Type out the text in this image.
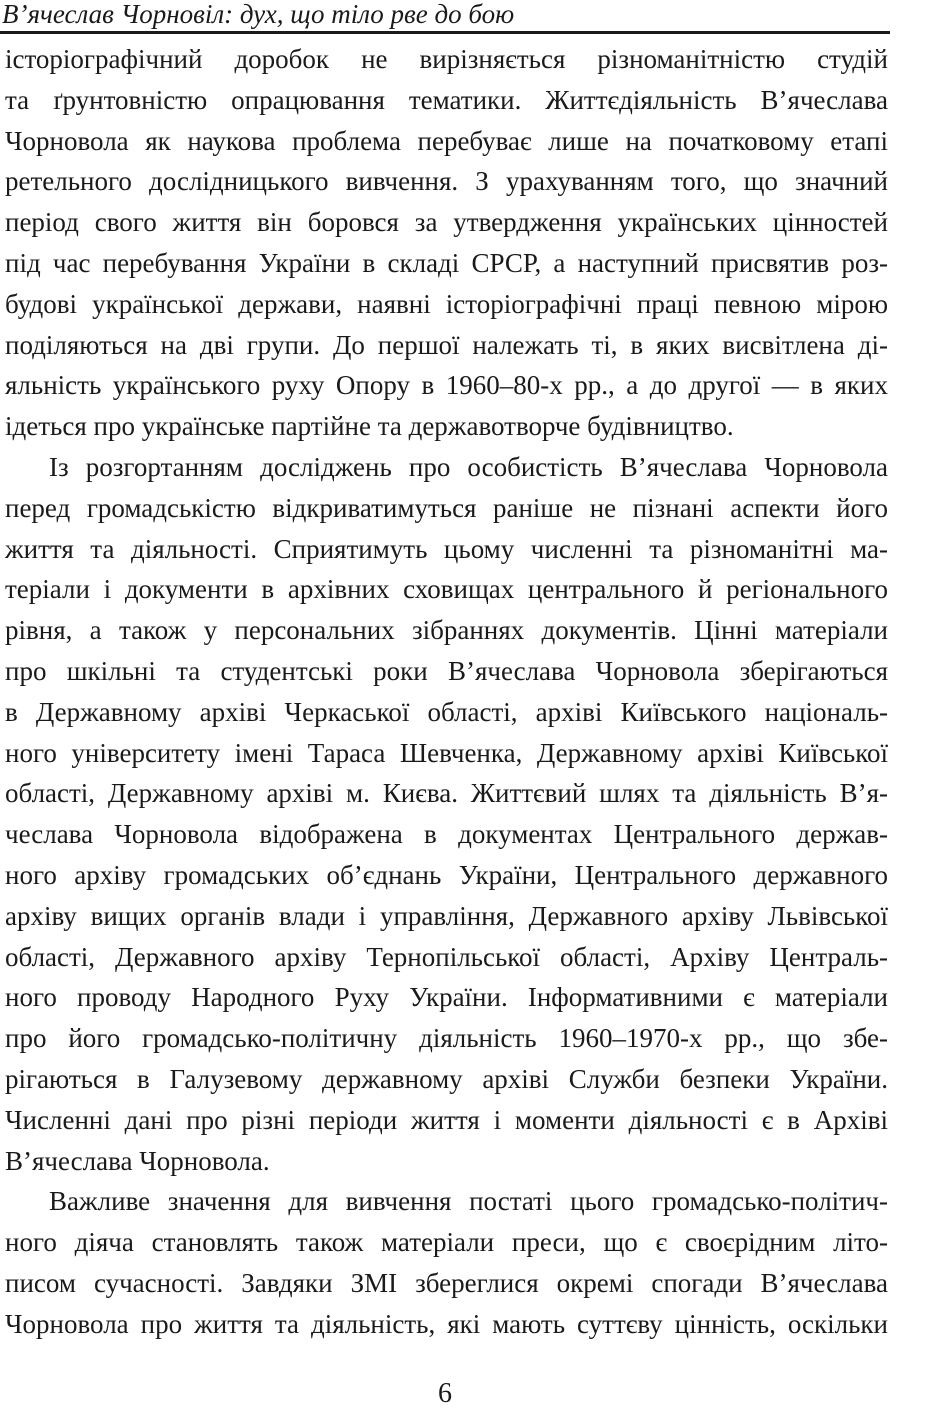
В’ячеслав Чорновіл: дух, що тіло рве до бою
історіографічний доробок не вирізняється різноманітністю студій
та ґрунтовністю опрацювання тематики. Життєдіяльність В’ячеслава
Чорновола як наукова проблема перебуває лише на початковому етапі
ретельного дослідницького вивчення. З урахуванням того, що значний
період свого життя він боровся за утвердження українських цінностей
під час перебування України в складі СРСР, а наступний присвятив роз-
будові української держави, наявні історіографічні праці певною мірою
поділяються на дві групи. До першої належать ті, в яких висвітлена ді-
яльність українського руху Опору в 1960–80-х рр., а до другої — в яких
ідеться про українське партійне та державотворче будівництво.
Із розгортанням досліджень про особистість В’ячеслава Чорновола
перед громадськістю відкриватимуться раніше не пізнані аспекти його
життя та діяльності. Сприятимуть цьому численні та різноманітні ма-
теріали і документи в архівних сховищах центрального й регіонального
рівня, а також у персональних зібраннях документів. Цінні матеріали
про шкільні та студентські роки В’ячеслава Чорновола зберігаються
в Державному архіві Черкаської області, архіві Київського національ-
ного університету імені Тараса Шевченка, Державному архіві Київської
області, Державному архіві м. Києва. Життєвий шлях та діяльність В’я-
чеслава Чорновола відображена в документах Центрального держав-
ного архіву громадських об’єднань України, Центрального державного
архіву вищих органів влади і управління, Державного архіву Львівської
області, Державного архіву Тернопільської області, Архіву Централь-
ного проводу Народного Руху України. Інформативними є матеріали
про його громадсько-політичну діяльність 1960–1970-х рр., що збе-
рігаються в Галузевому державному архіві Служби безпеки України.
Численні дані про різні періоди життя і моменти діяльності є в Архіві
В’ячеслава Чорновола.
Важливе значення для вивчення постаті цього громадсько-політич-
ного діяча становлять також матеріали преси, що є своєрідним літо-
писом сучасності. Завдяки ЗМІ збереглися окремі спогади В’ячеслава
Чорновола про життя та діяльність, які мають суттєву цінність, оскільки
6
